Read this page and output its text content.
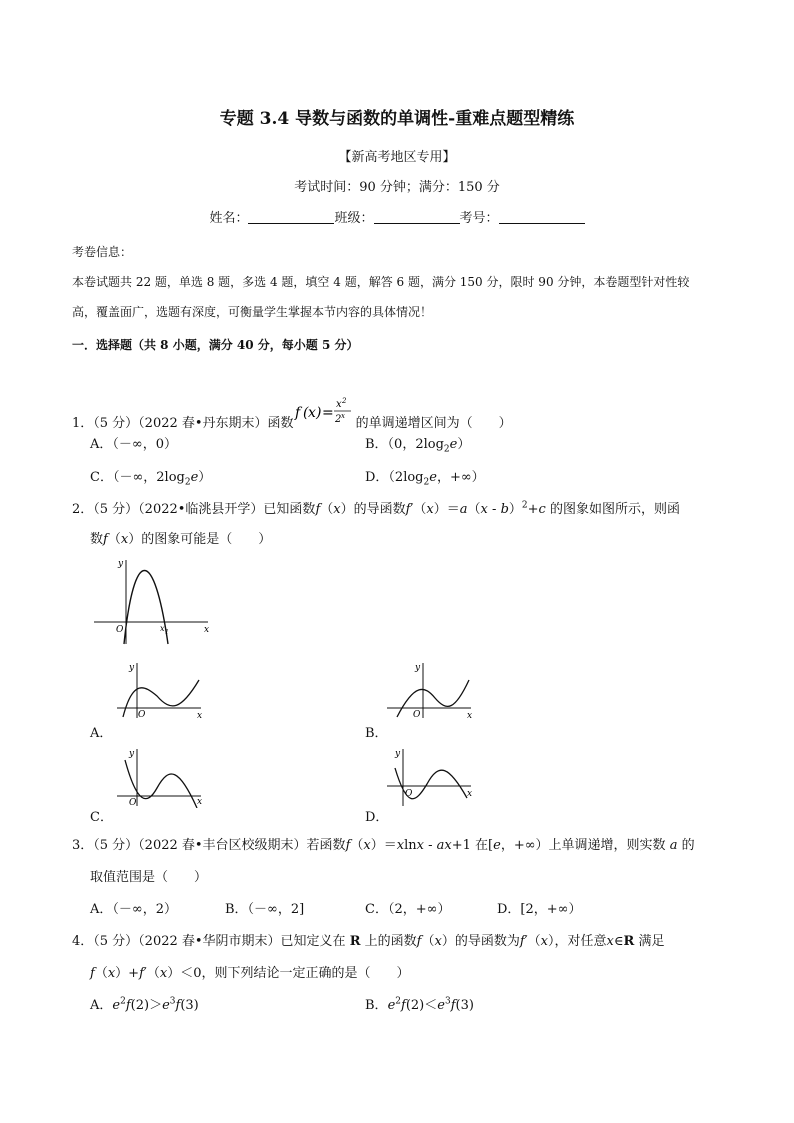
专题 3.4 导数与函数的单调性-重难点题型精练
【新高考地区专用】
考试时间：90 分钟；满分：150 分
姓名：	班级：	考号：
考卷信息：
本卷试题共 22 题，单选 8 题，多选 4 题，填空 4 题，解答 6 题，满分 150 分，限时 90 分钟，本卷题型针对性较
高，覆盖面广，选题有深度，可衡量学生掌握本节内容的具体情况！
一．选择题（共 8 小题，满分 40 分，每小题 5 分）
1．（5 分）（2022 春•丹东期末）函数
f ( x ) =
x 2
2 x 的单调递增区间为（　　）
A．（－∞，0）	B．（0，$2\log_2e$）
C．（－∞，$2\log_2e$）	D．（$2\log_2e$，+∞）
2．（5 分）（2022•临洮县开学）已知函数f（x）的导函数f′（x）＝a（x - b）$^2$+c 的图象如图所示，则函
数f（x）的图象可能是（　　）
y
x
O	x 1
y
x
O
A．
y
x
O
B．
y
x
O
C．
y
x
O
D．
3．（5 分）（2022 春•丰台区校级期末）若函数f（x）＝xlnx - ax+1 在[e，+∞）上单调递增，则实数 a 的
取值范围是（　　）
A．（－∞，2）	B．（－∞，2]	C．（2，+∞）	D．[2，+∞）
4．（5 分）（2022 春•华阴市期末）已知定义在 R 上的函数f（x）的导函数为f′（x），对任意x∈R 满足
f（x）+f′（x）＜0，则下列结论一定正确的是（　　）
A．$e^2f(2)>e^3f(3)$	B．$e^2f(2)<e^3f(3)$
